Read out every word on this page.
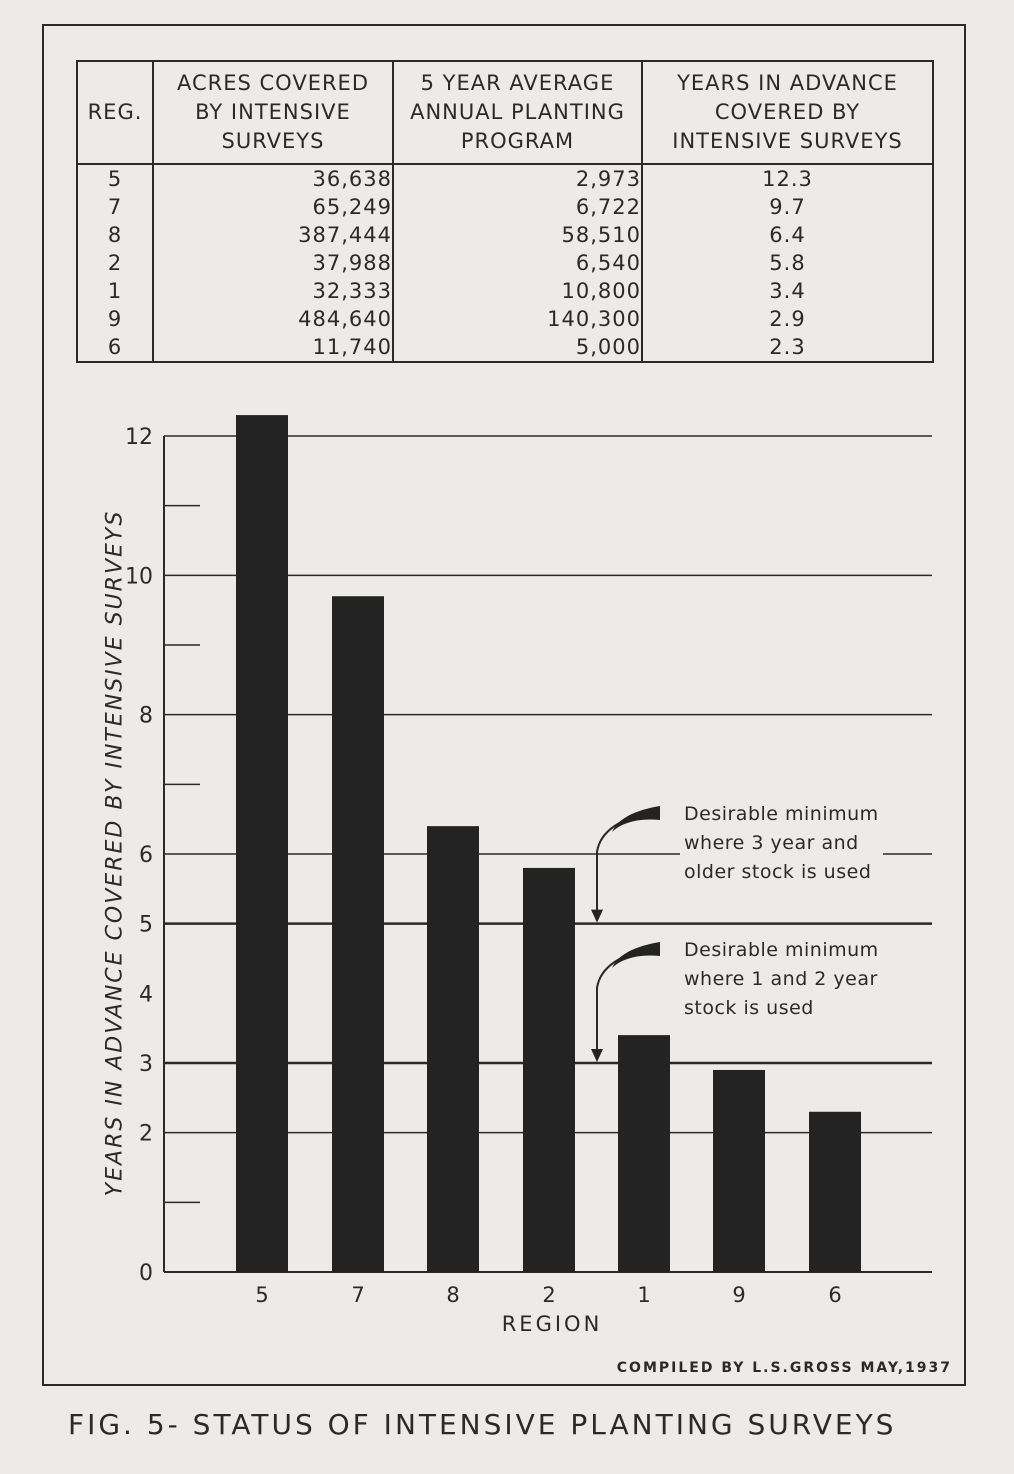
REG.	ACRES COVERED
BY INTENSIVE
SURVEYS	5 YEAR AVERAGE
ANNUAL PLANTING
PROGRAM	YEARS IN ADVANCE
COVERED BY
INTENSIVE SURVEYS
5	36,638	2,973	12.3
7	65,249	6,722	9.7
8	387,444	58,510	6.4
2	37,988	6,540	5.8
1	32,333	10,800	3.4
9	484,640	140,300	2.9
6	11,740	5,000	2.3
0
2
3
4
5
6
8
10
12
5	7	8	2	1	9	6
Desirable minimum
where 3 year and
older stock is used
Desirable minimum
where 1 and 2 year
stock is used
YEARS IN ADVANCE COVERED BY INTENSIVE SURVEYS
REGION
COMPILED BY L.S.GROSS MAY,1937
FIG. 5- STATUS OF INTENSIVE PLANTING SURVEYS
